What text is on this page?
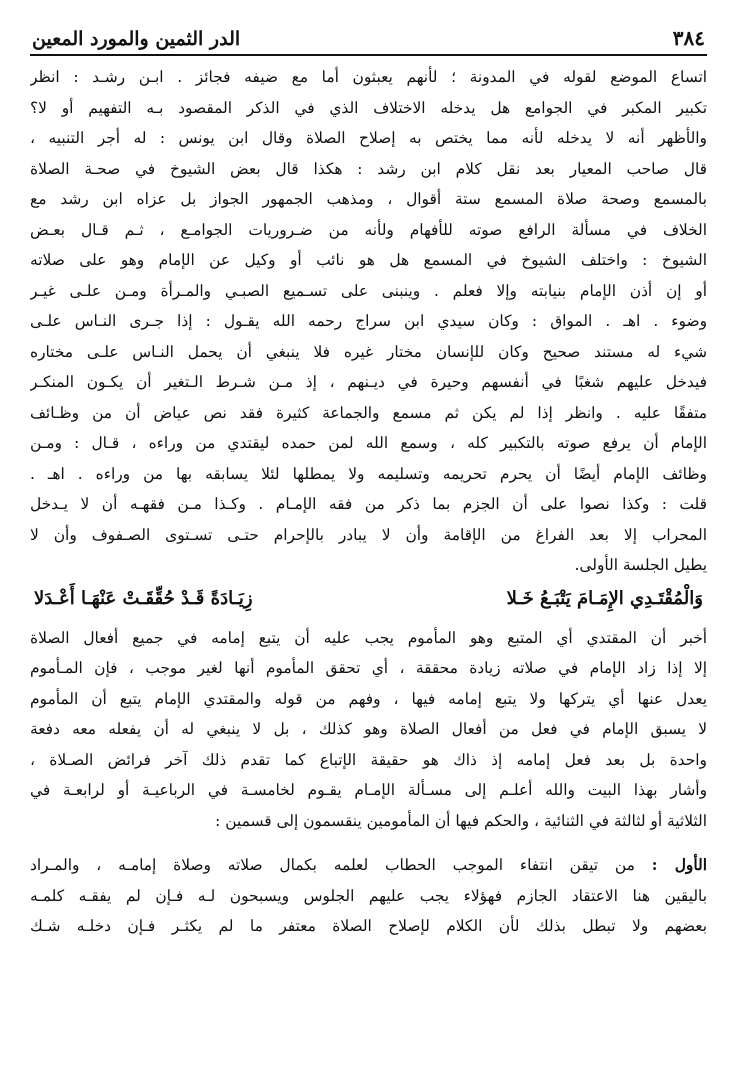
٣٨٤
الدر الثمين والمورد المعين
اتساع الموضع لقوله في المدونة ؛ لأنهم يعبثون أما مع ضيفه فجائز . ابـن رشـد : انظر
تكبير المكبر في الجوامع هل يدخله الاختلاف الذي في الذكر المقصود بـه التفهيم أو لا؟
والأظهر أنه لا يدخله لأنه مما يختص به إصلاح الصلاة وقال ابن يونس : له أجر التنبيه ،
قال صاحب المعيار بعد نقل كلام ابن رشد : هكذا قال بعض الشيوخ في صحـة الصلاة
بالمسمع وصحة صلاة المسمع ستة أقوال ، ومذهب الجمهور الجواز بل عزاه ابن رشد مع
الخلاف في مسألة الرافع صوته للأفهام ولأنه من ضـروريات الجوامـع ، ثـم قـال بعـض
الشيوخ : واختلف الشيوخ في المسمع هل هو نائب أو وكيل عن الإمام وهو على صلاته
أو إن أذن الإمام بنيابته وإلا فعلم . وينبنى على تسـميع الصبـي والمـرأة ومـن علـى غيـر
وضوء . اهـ . المواق : وكان سيدي ابن سراج رحمه الله يقـول : إذا جـرى النـاس علـى
شيء له مستند صحيح وكان للإنسان مختار غيره فلا ينبغي أن يحمل النـاس علـى مختاره
فيدخل عليهم شغبًا في أنفسهم وحيرة في ديـنهم ، إذ مـن شـرط الـتغير أن يكـون المنكـر
متفقًا عليه . وانظر إذا لم يكن ثم مسمع والجماعة كثيرة فقد نص عياض أن من وظـائف
الإمام أن يرفع صوته بالتكبير كله ، وسمع الله لمن حمده ليقتدي من وراءه ، قـال : ومـن
وظائف الإمام أيضًا أن يحرم تحريمه وتسليمه ولا يمطلها لئلا يسابقه بها من وراءه . اهـ .
قلت : وكذا نصوا على أن الجزم بما ذكر من فقه الإمـام . وكـذا مـن فقهـه أن لا يـدخل
المحراب إلا بعد الفراغ من الإقامة وأن لا يبادر بالإحرام حتـى تسـتوى الصـفوف وأن لا
يطيل الجلسة الأولى.
وَالْمُقْتَـدِي الإِمَـامَ يَتْبَـعُ خَـلا
زِيَـادَةً قَـدْ حُقِّقَـتْ عَنْهَـا أَعْـدَلا
أخبر أن المقتدي أي المتبع وهو المأموم يجب عليه أن يتبع إمامه في جميع أفعال الصلاة
إلا إذا زاد الإمام في صلاته زيادة محققة ، أي تحقق المأموم أنها لغير موجب ، فإن المـأموم
يعدل عنها أي يتركها ولا يتبع إمامه فيها ، وفهم من قوله والمقتدي الإمام يتبع أن المأموم
لا يسبق الإمام في فعل من أفعال الصلاة وهو كذلك ، بل لا ينبغي له أن يفعله معه دفعة
واحدة بل بعد فعل إمامه إذ ذاك هو حقيقة الإتباع كما تقدم ذلك آخر فرائض الصـلاة ،
وأشار بهذا البيت والله أعلـم إلى مسـألة الإمـام يقـوم لخامسـة في الرباعيـة أو لرابعـة في
الثلاثية أو لثالثة في الثنائية ، والحكم فيها أن المأمومين ينقسمون إلى قسمين :
الأول : من تيقن انتفاء الموجب الحطاب لعلمه بكمال صلاته وصلاة إمامـه ، والمـراد
باليقين هنا الاعتقاد الجازم فهؤلاء يجب عليهم الجلوس ويسبحون لـه فـإن لم يفقـه كلمـه
بعضهم ولا تبطل بذلك لأن الكلام لإصلاح الصلاة معتفر ما لم يكثـر فـإن دخلـه شـك
